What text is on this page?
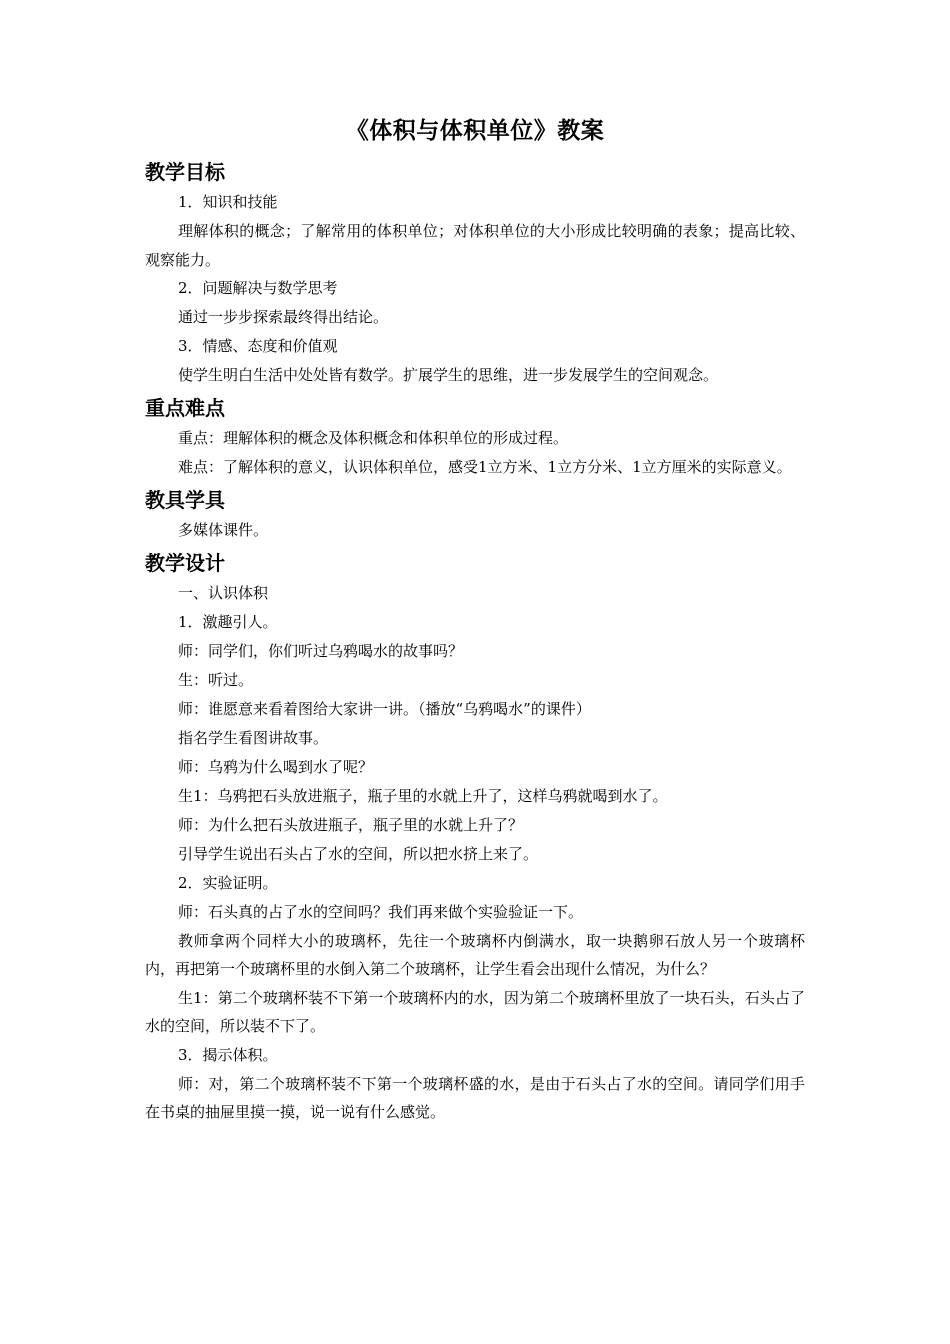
《体积与体积单位》教案
教学目标

1．知识和技能

理解体积的概念；了解常用的体积单位；对体积单位的大小形成比较明确的表象；提高比较、观察能力。

2．问题解决与数学思考

通过一步步探索最终得出结论。

3．情感、态度和价值观

使学生明白生活中处处皆有数学。扩展学生的思维，进一步发展学生的空间观念。

重点难点

重点：理解体积的概念及体积概念和体积单位的形成过程。

难点：了解体积的意义，认识体积单位，感受1立方米、1立方分米、1立方厘米的实际意义。

教具学具

多媒体课件。

教学设计

一、认识体积

1．激趣引人。

师：同学们，你们听过乌鸦喝水的故事吗？

生：听过。

师：谁愿意来看着图给大家讲一讲。（播放“乌鸦喝水”的课件）

指名学生看图讲故事。

师：乌鸦为什么喝到水了呢？

生1：乌鸦把石头放进瓶子，瓶子里的水就上升了，这样乌鸦就喝到水了。

师：为什么把石头放进瓶子，瓶子里的水就上升了？

引导学生说出石头占了水的空间，所以把水挤上来了。

2．实验证明。

师：石头真的占了水的空间吗？我们再来做个实验验证一下。

教师拿两个同样大小的玻璃杯，先往一个玻璃杯内倒满水，取一块鹅卵石放人另一个玻璃杯内，再把第一个玻璃杯里的水倒入第二个玻璃杯，让学生看会出现什么情况，为什么？

生1：第二个玻璃杯装不下第一个玻璃杯内的水，因为第二个玻璃杯里放了一块石头，石头占了水的空间，所以装不下了。

3．揭示体积。

师：对，第二个玻璃杯装不下第一个玻璃杯盛的水，是由于石头占了水的空间。请同学们用手在书桌的抽屉里摸一摸，说一说有什么感觉。
